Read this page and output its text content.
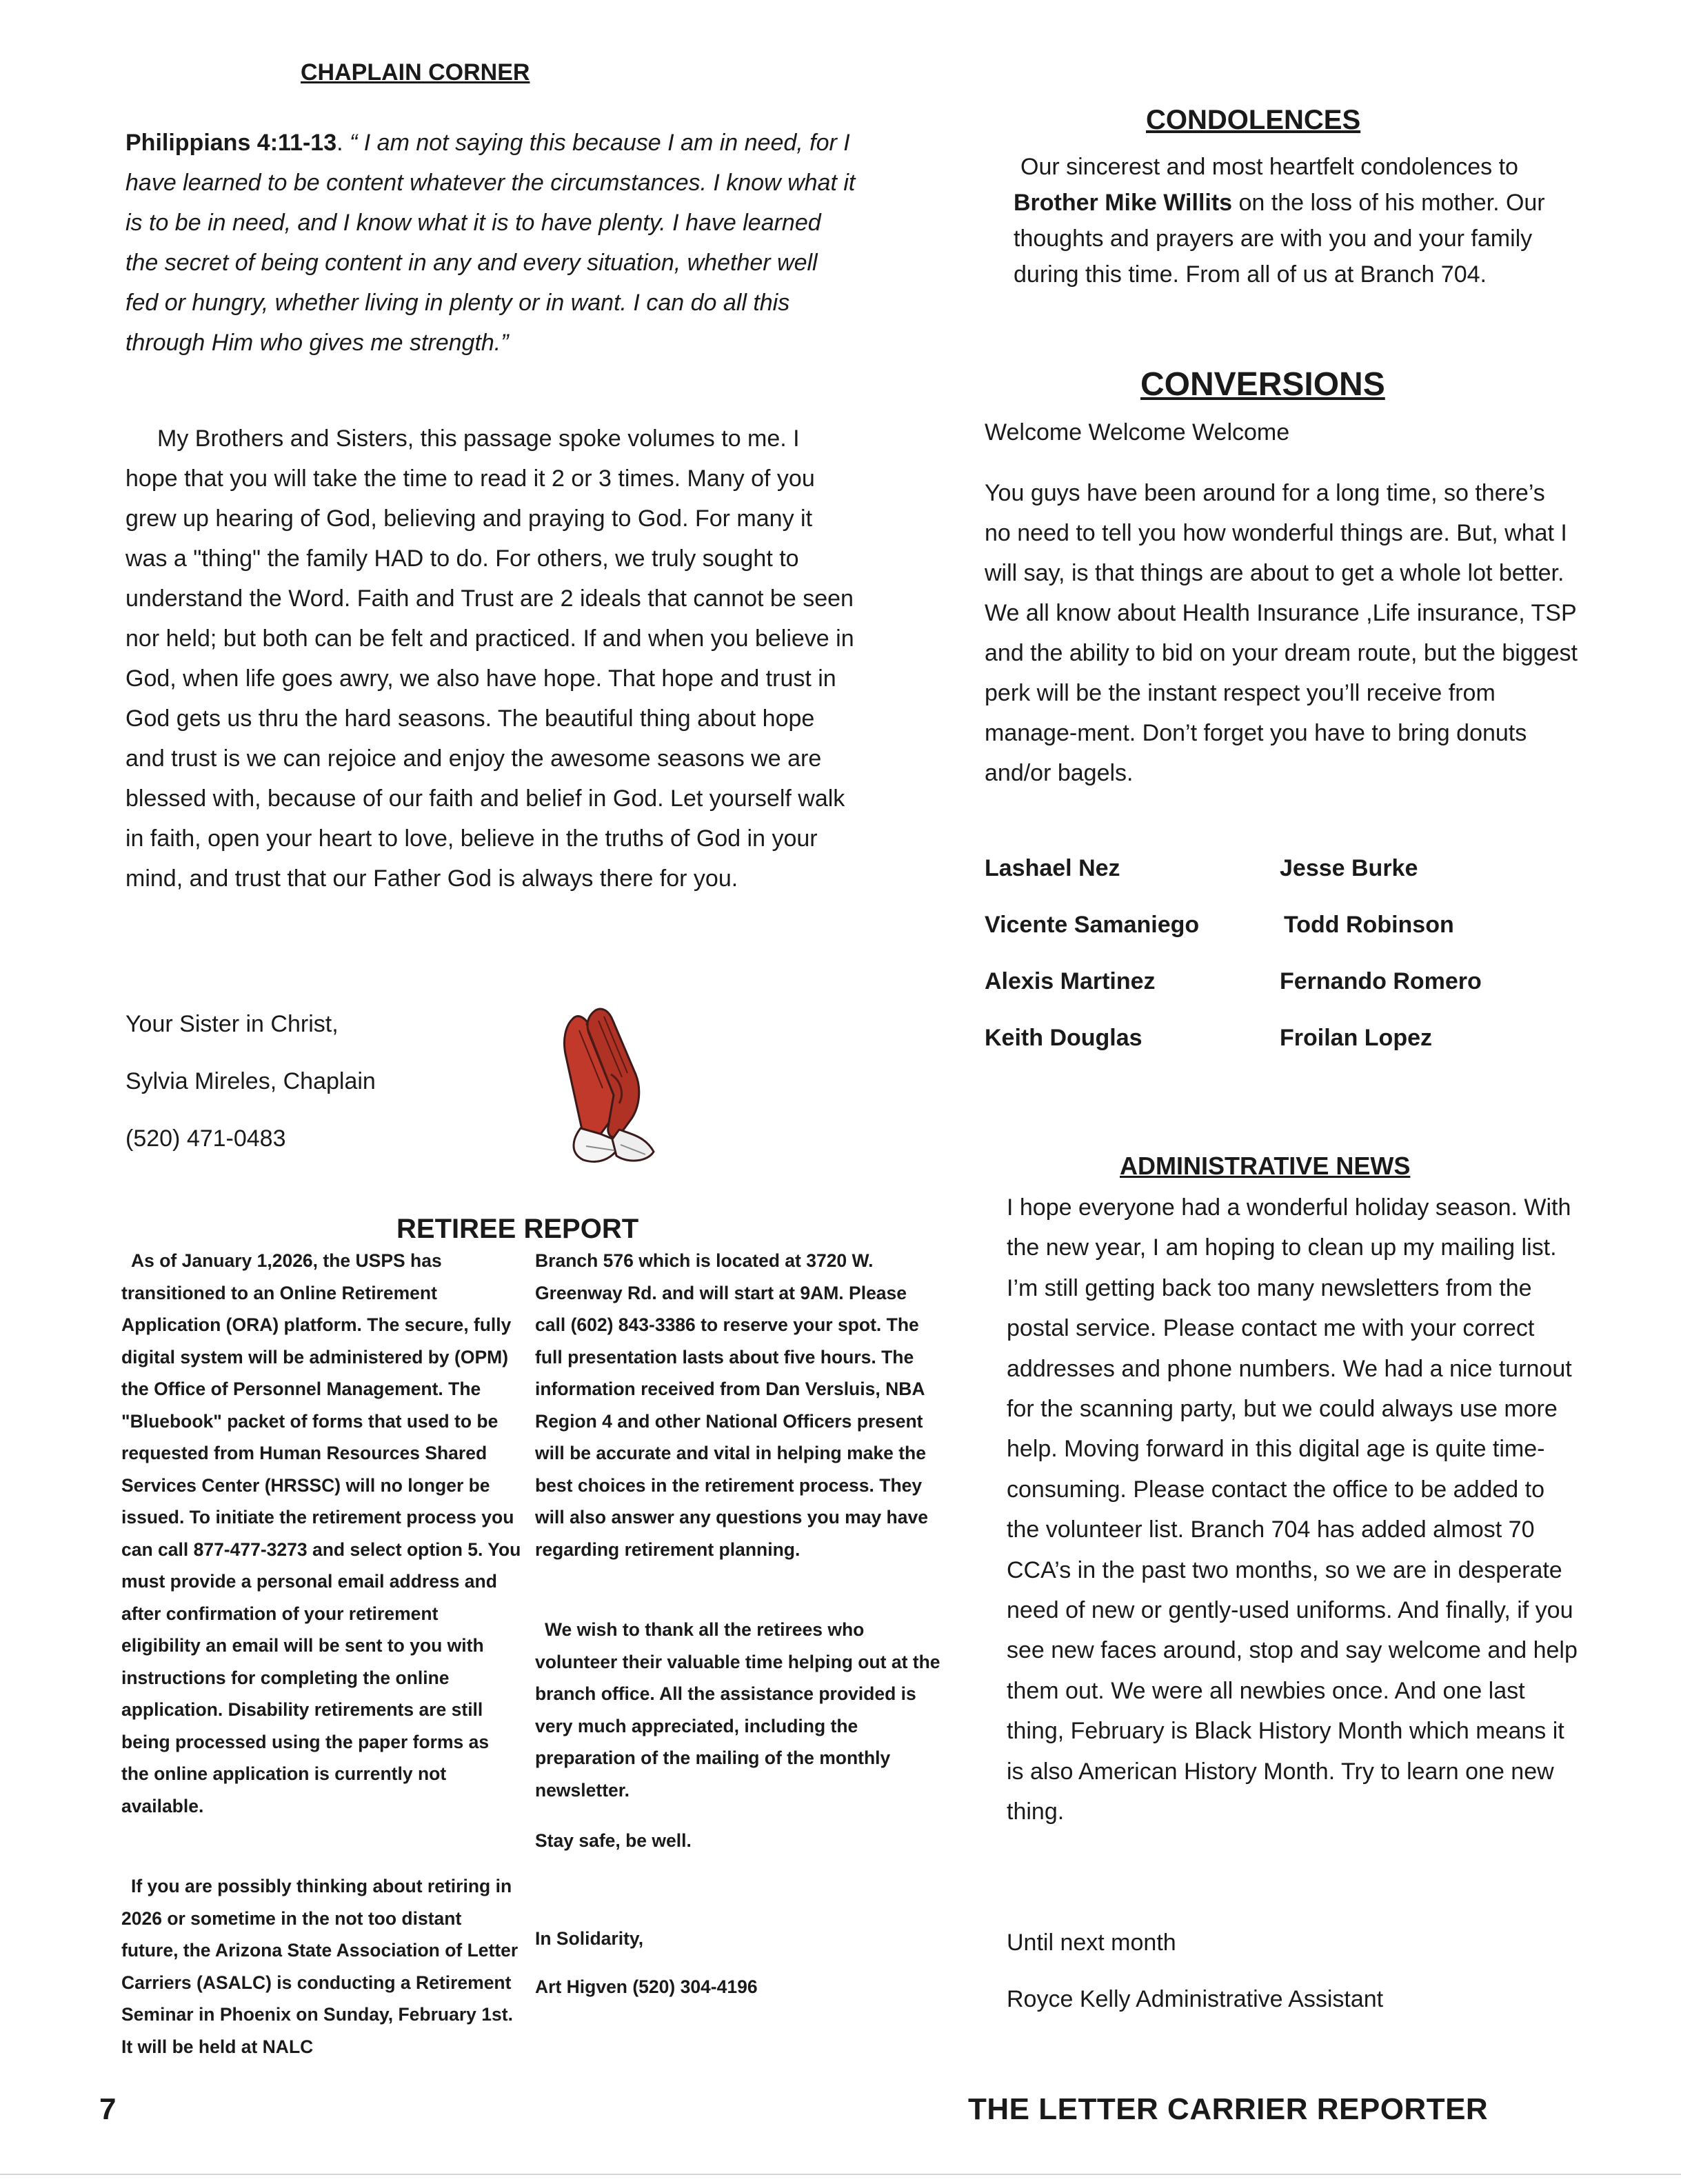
CHAPLAIN CORNER
Philippians 4:11-13. “ I am not saying this because I am in need, for I have learned to be content whatever the circumstances. I know what it is to be in need, and I know what it is to have plenty. I have learned the secret of being content in any and every situation, whether well fed or hungry, whether living in plenty or in want. I can do all this through Him who gives me strength.”
My Brothers and Sisters, this passage spoke volumes to me. I hope that you will take the time to read it 2 or 3 times. Many of you grew up hearing of God, believing and praying to God. For many it was a "thing" the family HAD to do. For others, we truly sought to understand the Word. Faith and Trust are 2 ideals that cannot be seen nor held; but both can be felt and practiced. If and when you believe in God, when life goes awry, we also have hope. That hope and trust in God gets us thru the hard seasons. The beautiful thing about hope and trust is we can rejoice and enjoy the awesome seasons we are blessed with, because of our faith and belief in God. Let yourself walk in faith, open your heart to love, believe in the truths of God in your mind, and trust that our Father God is always there for you.
Your Sister in Christ,
Sylvia Mireles, Chaplain
(520) 471-0483
RETIREE REPORT
As of January 1,2026, the USPS has transitioned to an Online Retirement Application (ORA) platform. The secure, fully digital system will be administered by (OPM) the Office of Personnel Management. The "Bluebook" packet of forms that used to be requested from Human Resources Shared Services Center (HRSSC) will no longer be issued. To initiate the retirement process you can call 877-477-3273 and select option 5. You must provide a personal email address and after confirmation of your retirement eligibility an email will be sent to you with instructions for completing the online application. Disability retirements are still being processed using the paper forms as the online application is currently not available.
If you are possibly thinking about retiring in 2026 or sometime in the not too distant future, the Arizona State Association of Letter Carriers (ASALC) is conducting a Retirement Seminar in Phoenix on Sunday, February 1st. It will be held at NALC
Branch 576 which is located at 3720 W. Greenway Rd. and will start at 9AM. Please call (602) 843-3386 to reserve your spot. The full presentation lasts about five hours. The information received from Dan Versluis, NBA Region 4 and other National Officers present will be accurate and vital in helping make the best choices in the retirement process. They will also answer any questions you may have regarding retirement planning.
We wish to thank all the retirees who volunteer their valuable time helping out at the branch office. All the assistance provided is very much appreciated, including the preparation of the mailing of the monthly newsletter.
Stay safe, be well.
In Solidarity,
Art Higven (520) 304-4196
CONDOLENCES
Our sincerest and most heartfelt condolences to Brother Mike Willits on the loss of his mother. Our thoughts and prayers are with you and your family during this time. From all of us at Branch 704.
CONVERSIONS
Welcome Welcome Welcome
You guys have been around for a long time, so there’s no need to tell you how wonderful things are. But, what I will say, is that things are about to get a whole lot better. We all know about Health Insurance ,Life insurance, TSP and the ability to bid on your dream route, but the biggest perk will be the instant respect you’ll receive from manage-ment. Don’t forget you have to bring donuts and/or bagels.
Lashael Nez	Jesse Burke
Vicente Samaniego	Todd Robinson
Alexis Martinez	Fernando Romero
Keith Douglas	Froilan Lopez
ADMINISTRATIVE NEWS
I hope everyone had a wonderful holiday season. With the new year, I am hoping to clean up my mailing list. I’m still getting back too many newsletters from the postal service. Please contact me with your correct addresses and phone numbers. We had a nice turnout for the scanning party, but we could always use more help. Moving forward in this digital age is quite time-consuming. Please contact the office to be added to the volunteer list. Branch 704 has added almost 70 CCA’s in the past two months, so we are in desperate need of new or gently-used uniforms. And finally, if you see new faces around, stop and say welcome and help them out. We were all newbies once. And one last thing, February is Black History Month which means it is also American History Month. Try to learn one new thing.
Until next month
Royce Kelly Administrative Assistant
7	THE LETTER CARRIER REPORTER
